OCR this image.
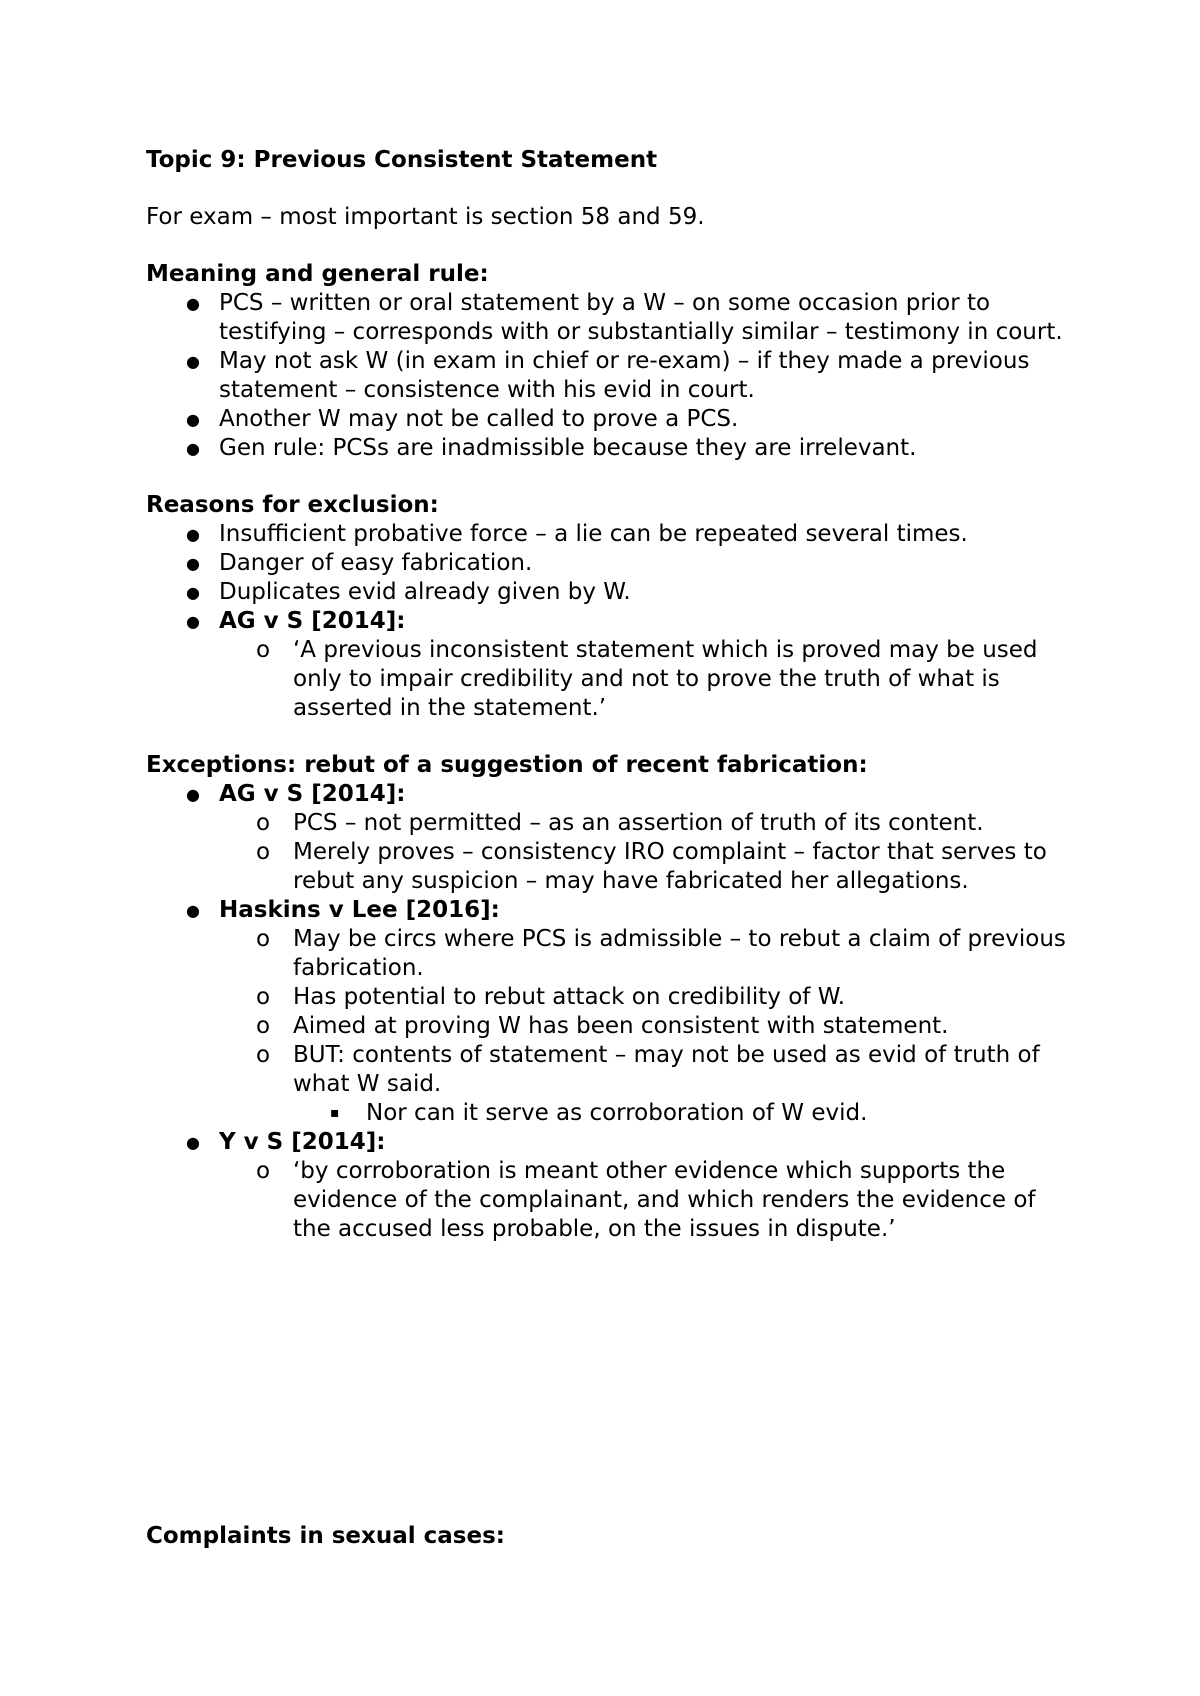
Topic 9: Previous Consistent Statement

For exam – most important is section 58 and 59.

Meaning and general rule:

● PCS – written or oral statement by a W – on some occasion prior to testifying – corresponds with or substantially similar – testimony in court.
● May not ask W (in exam in chief or re-exam) – if they made a previous statement – consistence with his evid in court.
● Another W may not be called to prove a PCS.
● Gen rule: PCSs are inadmissible because they are irrelevant.

Reasons for exclusion:

● Insufficient probative force – a lie can be repeated several times.
● Danger of easy fabrication.
● Duplicates evid already given by W.
● AG v S [2014]:
o ‘A previous inconsistent statement which is proved may be used only to impair credibility and not to prove the truth of what is asserted in the statement.’

Exceptions: rebut of a suggestion of recent fabrication:

● AG v S [2014]:
o PCS – not permitted – as an assertion of truth of its content.
o Merely proves – consistency IRO complaint – factor that serves to rebut any suspicion – may have fabricated her allegations.
● Haskins v Lee [2016]:
o May be circs where PCS is admissible – to rebut a claim of previous fabrication.
o Has potential to rebut attack on credibility of W.
o Aimed at proving W has been consistent with statement.
o BUT: contents of statement – may not be used as evid of truth of what W said.
▪ Nor can it serve as corroboration of W evid.
● Y v S [2014]:
o ‘by corroboration is meant other evidence which supports the evidence of the complainant, and which renders the evidence of the accused less probable, on the issues in dispute.’

Complaints in sexual cases:
